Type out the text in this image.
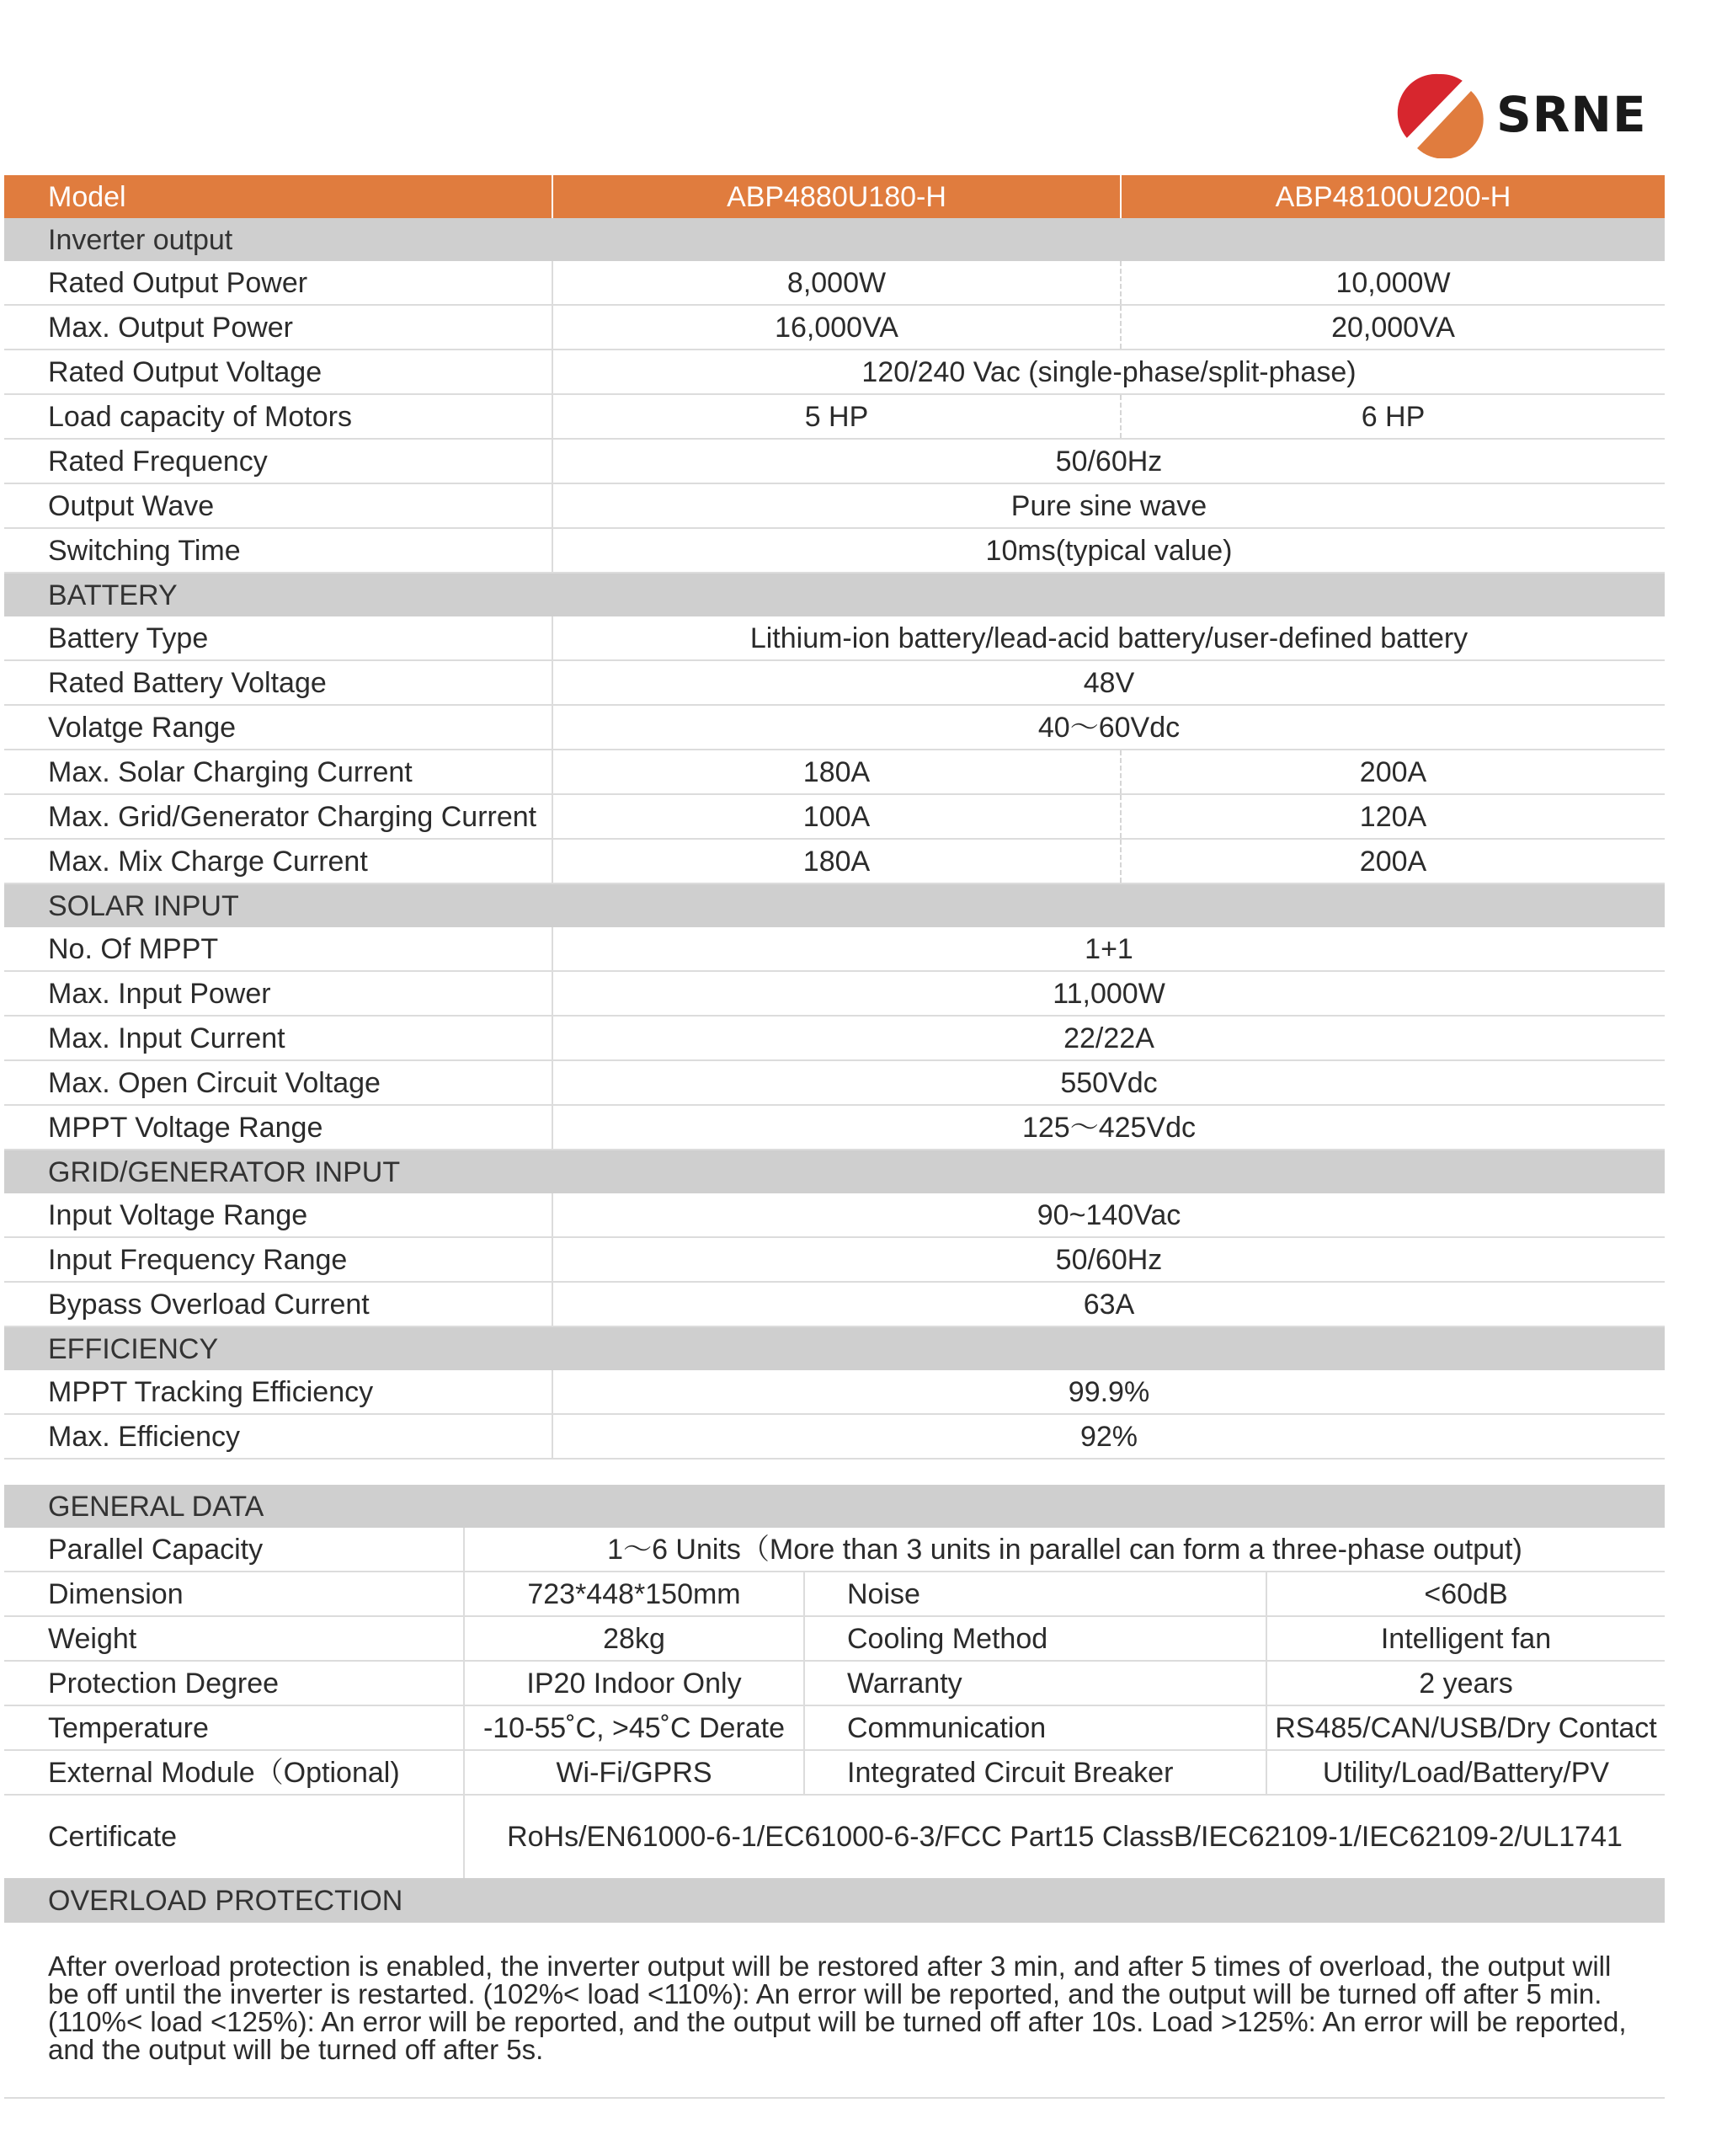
SRNE
Model	ABP4880U180-H	ABP48100U200-H
Inverter output		
Rated Output Power	8,000W	10,000W
Max. Output Power	16,000VA	20,000VA
Rated Output Voltage	120/240 Vac (single-phase/split-phase)	
Load capacity of Motors	5 HP	6 HP
Rated Frequency	50/60Hz	
Output Wave	Pure sine wave	
Switching Time	10ms(typical value)	
BATTERY		
Battery Type	Lithium-ion battery/lead-acid battery/user-defined battery	
Rated Battery Voltage	48V	
Volatge Range	40～60Vdc	
Max. Solar Charging Current	180A	200A
Max. Grid/Generator Charging Current	100A	120A
Max. Mix Charge Current	180A	200A
SOLAR INPUT		
No. Of MPPT	1+1	
Max. Input Power	11,000W	
Max. Input Current	22/22A	
Max. Open Circuit Voltage	550Vdc	
MPPT Voltage Range	125～425Vdc	
GRID/GENERATOR INPUT		
Input Voltage Range	90~140Vac	
Input Frequency Range	50/60Hz	
Bypass Overload Current	63A	
EFFICIENCY		
MPPT Tracking Efficiency	99.9%	
Max. Efficiency	92%	
GENERAL DATA			
Parallel Capacity	1～6 Units（More than 3 units in parallel can form a three-phase output)		
Dimension	723*448*150mm	Noise	<60dB
Weight	28kg	Cooling Method	Intelligent fan
Protection Degree	IP20 Indoor Only	Warranty	2 years
Temperature	-10-55˚C, >45˚C Derate	Communication	RS485/CAN/USB/Dry Contact
External Module（Optional)	Wi-Fi/GPRS	Integrated Circuit Breaker	Utility/Load/Battery/PV
Certificate	RoHs/EN61000-6-1/EC61000-6-3/FCC Part15 ClassB/IEC62109-1/IEC62109-2/UL1741		
OVERLOAD PROTECTION			
After overload protection is enabled, the inverter output will be restored after 3 min, and after 5 times of overload, the output will be off until the inverter is restarted. (102%< load <110%): An error will be reported, and the output will be turned off after 5 min. (110%< load <125%): An error will be reported, and the output will be turned off after 10s. Load >125%: An error will be reported, and the output will be turned off after 5s.
